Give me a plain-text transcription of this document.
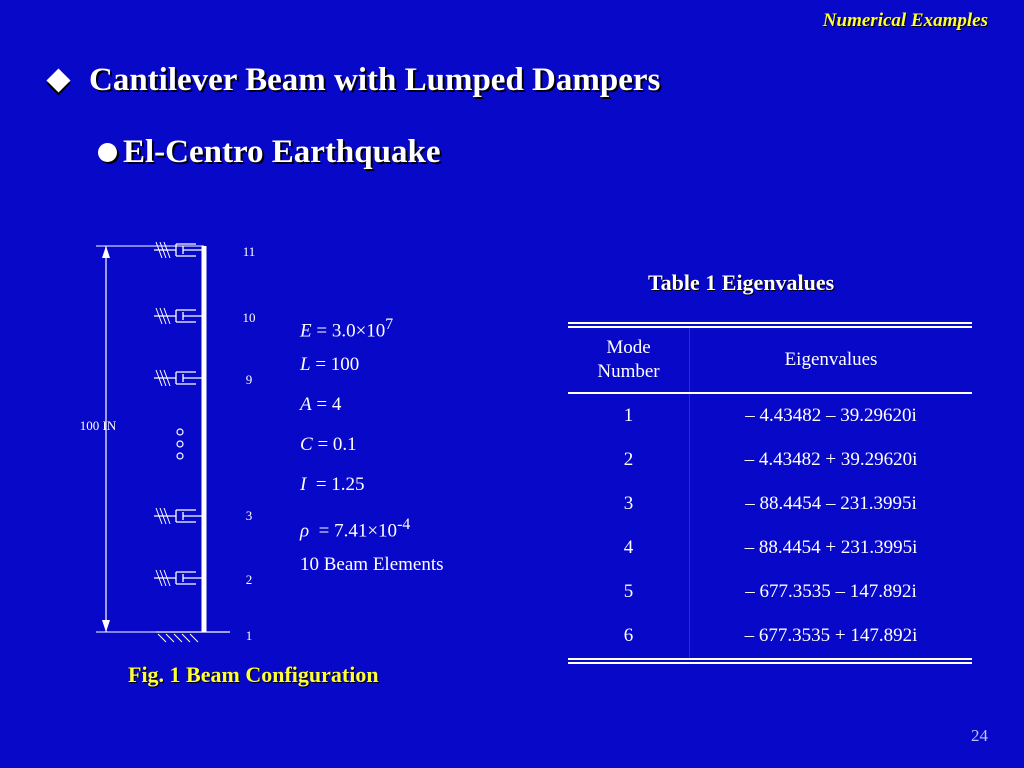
Numerical Examples
Cantilever Beam with Lumped Dampers
El-Centro Earthquake
100 IN
11
10
9
3
2
1
Fig. 1 Beam Configuration
$E = 3.0\times 10^7$
L = 100
A = 4
C = 0.1
I  = 1.25
$\rho = 7.41\times 10^{-4}$
10 Beam Elements
Table 1 Eigenvalues
Mode
Number	Eigenvalues
1	– 4.43482 – 39.29620i
2	– 4.43482 + 39.29620i
3	– 88.4454 – 231.3995i
4	– 88.4454 + 231.3995i
5	– 677.3535 – 147.892i
6	– 677.3535 + 147.892i
24
